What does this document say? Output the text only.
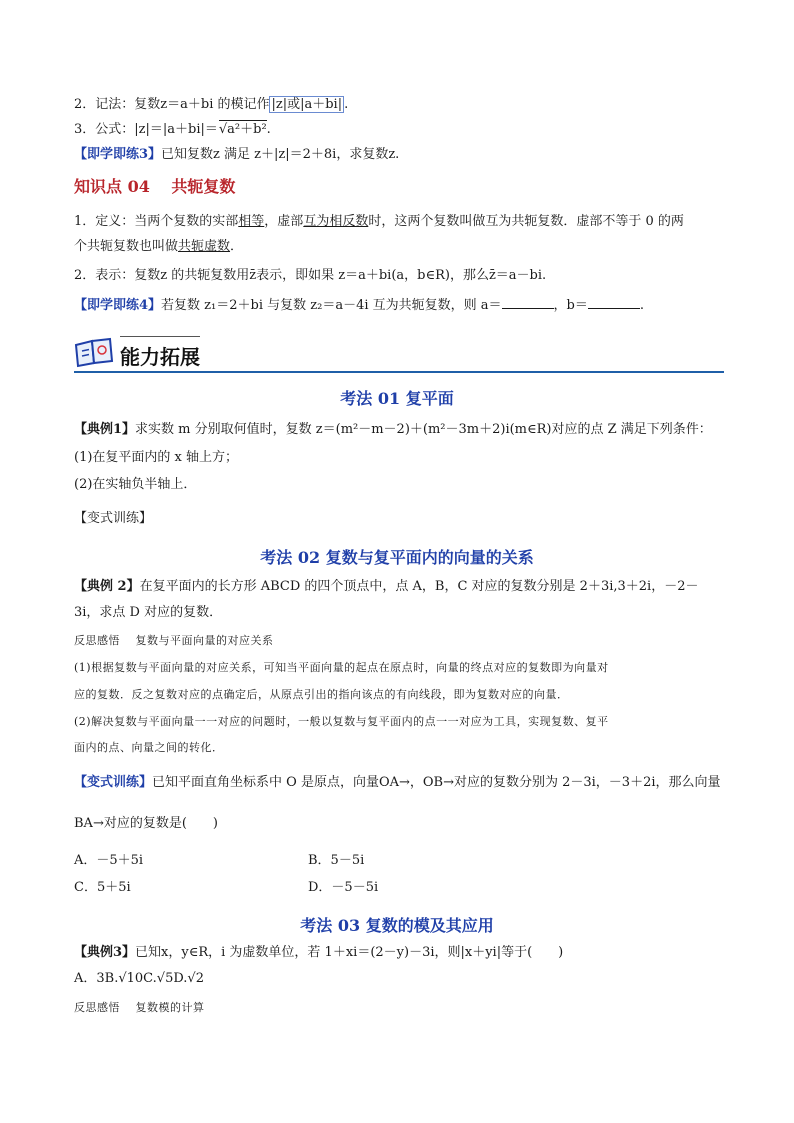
2．记法：复数z＝a＋bi 的模记作 |z|或|a＋bi| .
3．公式：|z|＝|a＋bi|＝√a²＋b².
【即学即练3】已知复数z 满足 z＋|z|＝2＋8i，求复数z.
知识点 04　 共轭复数
1．定义：当两个复数的实部相等，虚部互为相反数时，这两个复数叫做互为共轭复数．虚部不等于 0 的两
个共轭复数也叫做共轭虚数．
2．表示：复数z 的共轭复数用z̄表示，即如果 z＝a＋bi(a，b∈R)，那么z̄＝a－bi.
【即学即练4】若复数 z₁＝2＋bi 与复数 z₂＝a－4i 互为共轭复数，则 a＝	，b＝	.
能力拓展
考法 01 复平面
【典例1】求实数 m 分别取何值时，复数 z＝(m²－m－2)＋(m²－3m＋2)i(m∈R)对应的点 Z 满足下列条件：
(1)在复平面内的 x 轴上方；
(2)在实轴负半轴上．
【变式训练】
考法 02 复数与复平面内的向量的关系
【典例 2】在复平面内的长方形 ABCD 的四个顶点中，点 A，B，C 对应的复数分别是 2＋3i,3＋2i，－2－
3i，求点 D 对应的复数．
反思感悟　 复数与平面向量的对应关系
(1)根据复数与平面向量的对应关系，可知当平面向量的起点在原点时，向量的终点对应的复数即为向量对
应的复数．反之复数对应的点确定后，从原点引出的指向该点的有向线段，即为复数对应的向量．
(2)解决复数与平面向量一一对应的问题时，一般以复数与复平面内的点一一对应为工具，实现复数、复平
面内的点、向量之间的转化．
【变式训练】已知平面直角坐标系中 O 是原点，向量OA→，OB→对应的复数分别为 2－3i，－3＋2i，那么向量
BA→对应的复数是(　　)
A．－5＋5i	B．5－5i
C．5＋5i	D．－5－5i
考法 03 复数的模及其应用
【典例3】已知x，y∈R，i 为虚数单位，若 1＋xi＝(2－y)－3i，则|x＋yi|等于(　　)
A．3B.√10C.√5D.√2
反思感悟　 复数模的计算
